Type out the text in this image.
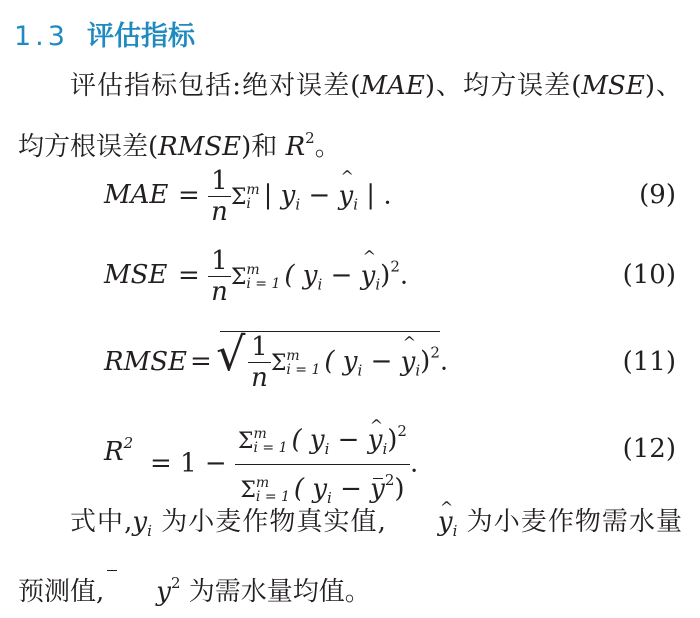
1.3 评估指标
评估指标包括:绝对误差(MAE)、均方误差(MSE)、均方根误差(RMSE)和 $R^2$。
MAE = $\frac{1}{n}$ Σ m
i | $y_i$ − ^ $y_i$ | .	(9)
MSE = $\frac{1}{n}$ Σ m
i = 1 ( $y_i$ − ^ $y_i)^2$.	(10)
RMSE = √ $\frac{1}{n}$ Σ m
i = 1 ( $y_i$ − ^ $y_i)^2$.	(11)
$R^2$
= 1 − Σ m
i = 1 ( $y_i$ − ^ $y_i)^2$
Σ m
i = 1 ( $y_i - y^2$) .	(12)
式中$,y_i$ 为小麦作物真实值, ^ $y_i$ 为小麦作物需水量预测值, $y^2$ 为需水量均值。
